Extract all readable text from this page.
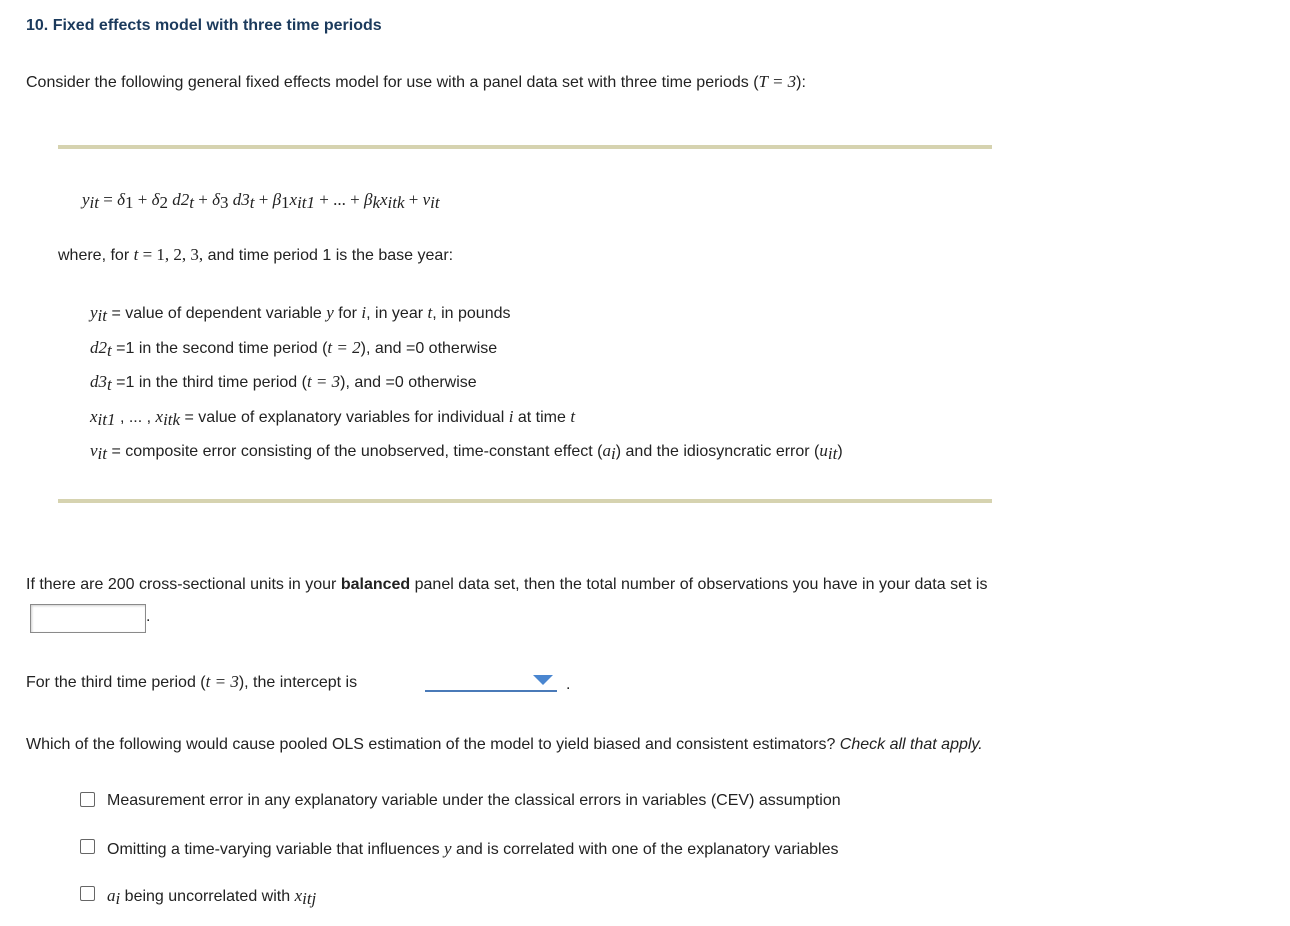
10. Fixed effects model with three time periods
Consider the following general fixed effects model for use with a panel data set with three time periods (T = 3):
$y_{it} = \delta_1 + \delta_2$ $d2_t + \delta_3$ $d3_t + \beta_1x_{it1}$ + ... + $\beta_kx_{itk} + v_{it}$
where, for t = 1, 2, 3, and time period 1 is the base year:
$y_{it}$ = value of dependent variable y for i, in year t, in pounds
$d2_t =1$ in the second time period (t = 2), and =0 otherwise
$d3_t =1$ in the third time period (t = 3), and =0 otherwise
$x_{it1}$ , ... , $x_{itk}$ = value of explanatory variables for individual i at time t
$v_{it}$ = composite error consisting of the unobserved, time-constant effect $(a_i)$ and the idiosyncratic error $(u_{it})$
If there are 200 cross-sectional units in your balanced panel data set, then the total number of observations you have in your data set is
.
For the third time period (t = 3), the intercept is	.
Which of the following would cause pooled OLS estimation of the model to yield biased and consistent estimators? Check all that apply.
Measurement error in any explanatory variable under the classical errors in variables (CEV) assumption
Omitting a time-varying variable that influences y and is correlated with one of the explanatory variables
$a_i$ being uncorrelated with $x_{itj}$
